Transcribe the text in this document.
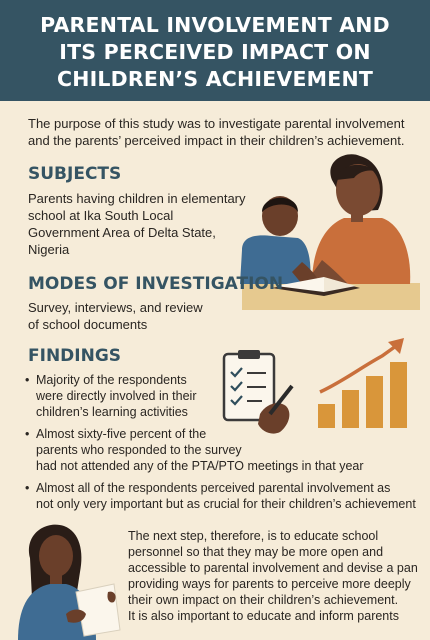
PARENTAL INVOLVEMENT AND
ITS PERCEIVED IMPACT ON
CHILDREN’S ACHIEVEMENT

The purpose of this study was to investigate parental involvement
and the parents’ perceived impact in their children’s achievement.

SUBJECTS

Parents having children in elementary
school at Ika South Local
Government Area of Delta State,
Nigeria

MODES OF INVESTIGATION

Survey, interviews, and review
of school documents

FINDINGS
• Majority of the respondents
were directly involved in their
children’s learning activities
• Almost sixty-five percent of the
parents who responded to the survey
had not attended any of the PTA/PTO meetings in that year
• Almost all of the respondents perceived parental involvement as
not only very important but as crucial for their children’s achievement

The next step, therefore, is to educate school
personnel so that they may be more open and
accessible to parental involvement and devise a pan
providing ways for parents to perceive more deeply
their own impact on their children’s achievement.
It is also important to educate and inform parents
